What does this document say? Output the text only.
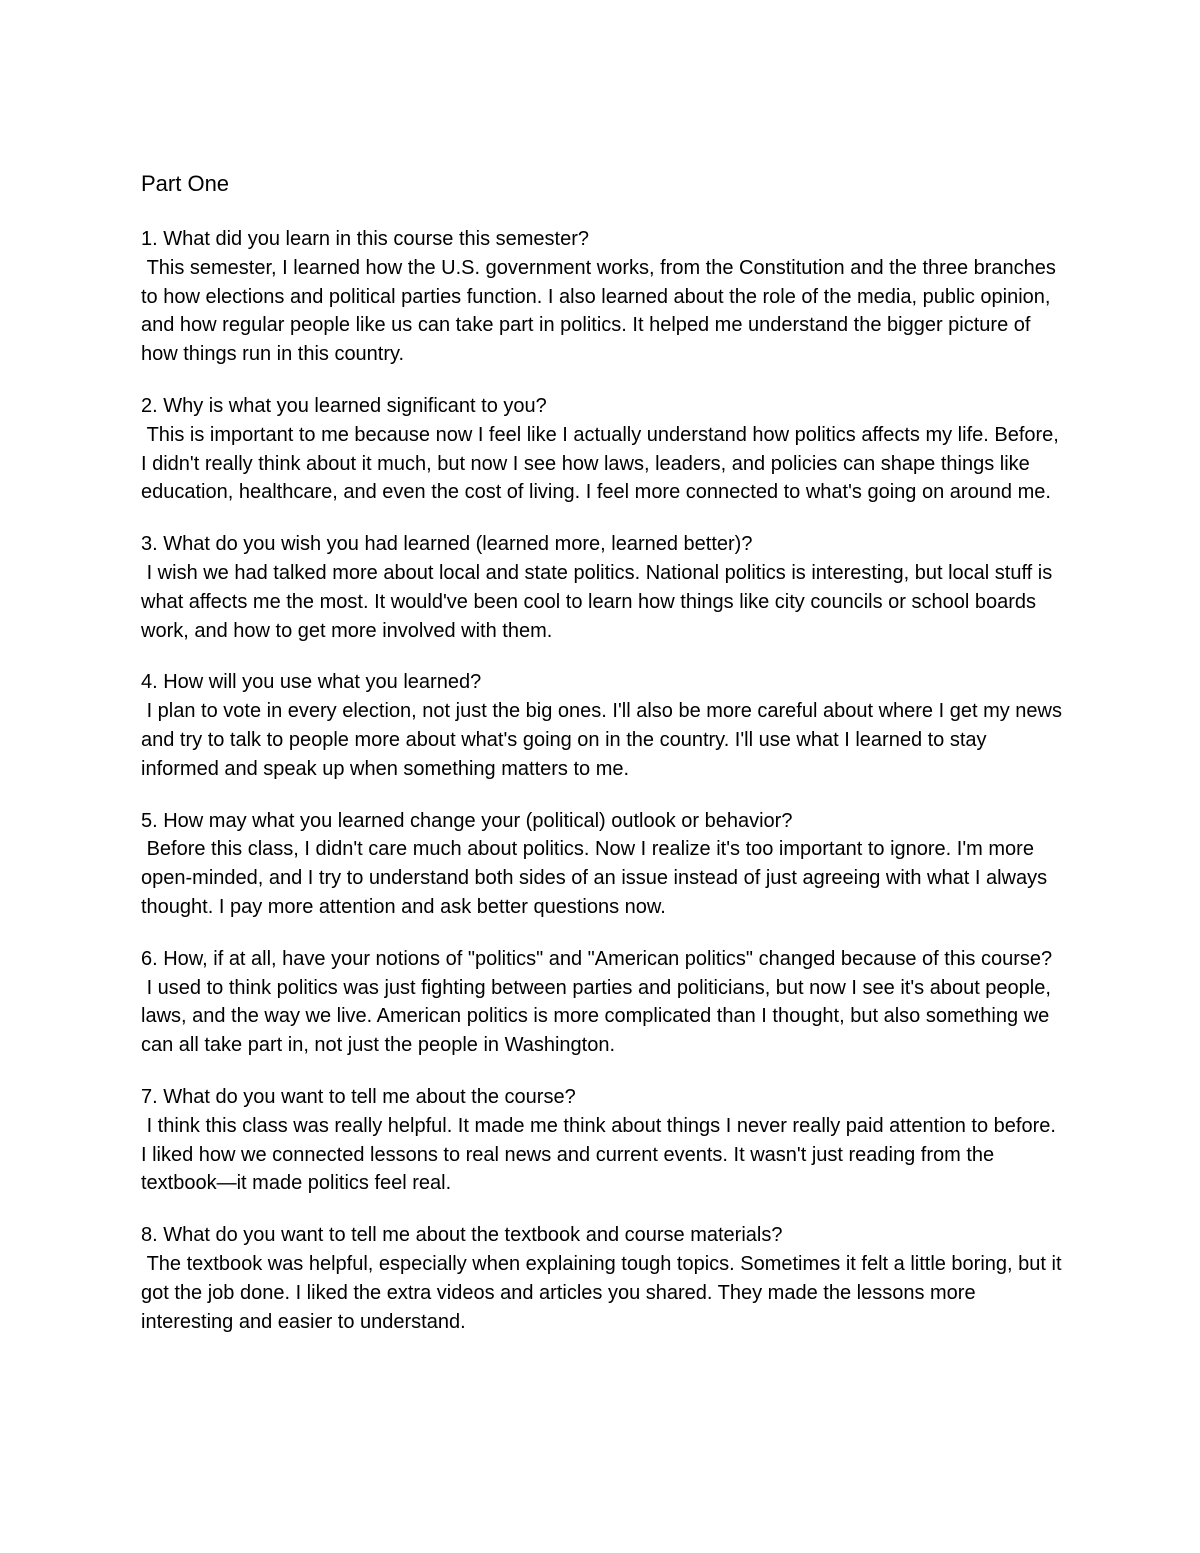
Part One
1. What did you learn in this course this semester?
This semester, I learned how the U.S. government works, from the Constitution and the three branches to how elections and political parties function. I also learned about the role of the media, public opinion, and how regular people like us can take part in politics. It helped me understand the bigger picture of how things run in this country.
2. Why is what you learned significant to you?
This is important to me because now I feel like I actually understand how politics affects my life. Before, I didn't really think about it much, but now I see how laws, leaders, and policies can shape things like education, healthcare, and even the cost of living. I feel more connected to what's going on around me.
3. What do you wish you had learned (learned more, learned better)?
I wish we had talked more about local and state politics. National politics is interesting, but local stuff is what affects me the most. It would've been cool to learn how things like city councils or school boards work, and how to get more involved with them.
4. How will you use what you learned?
I plan to vote in every election, not just the big ones. I'll also be more careful about where I get my news and try to talk to people more about what's going on in the country. I'll use what I learned to stay informed and speak up when something matters to me.
5. How may what you learned change your (political) outlook or behavior?
Before this class, I didn't care much about politics. Now I realize it's too important to ignore. I'm more open-minded, and I try to understand both sides of an issue instead of just agreeing with what I always thought. I pay more attention and ask better questions now.
6. How, if at all, have your notions of "politics" and "American politics" changed because of this course?
I used to think politics was just fighting between parties and politicians, but now I see it's about people, laws, and the way we live. American politics is more complicated than I thought, but also something we can all take part in, not just the people in Washington.
7. What do you want to tell me about the course?
I think this class was really helpful. It made me think about things I never really paid attention to before. I liked how we connected lessons to real news and current events. It wasn't just reading from the textbook—it made politics feel real.
8. What do you want to tell me about the textbook and course materials?
The textbook was helpful, especially when explaining tough topics. Sometimes it felt a little boring, but it got the job done. I liked the extra videos and articles you shared. They made the lessons more interesting and easier to understand.
